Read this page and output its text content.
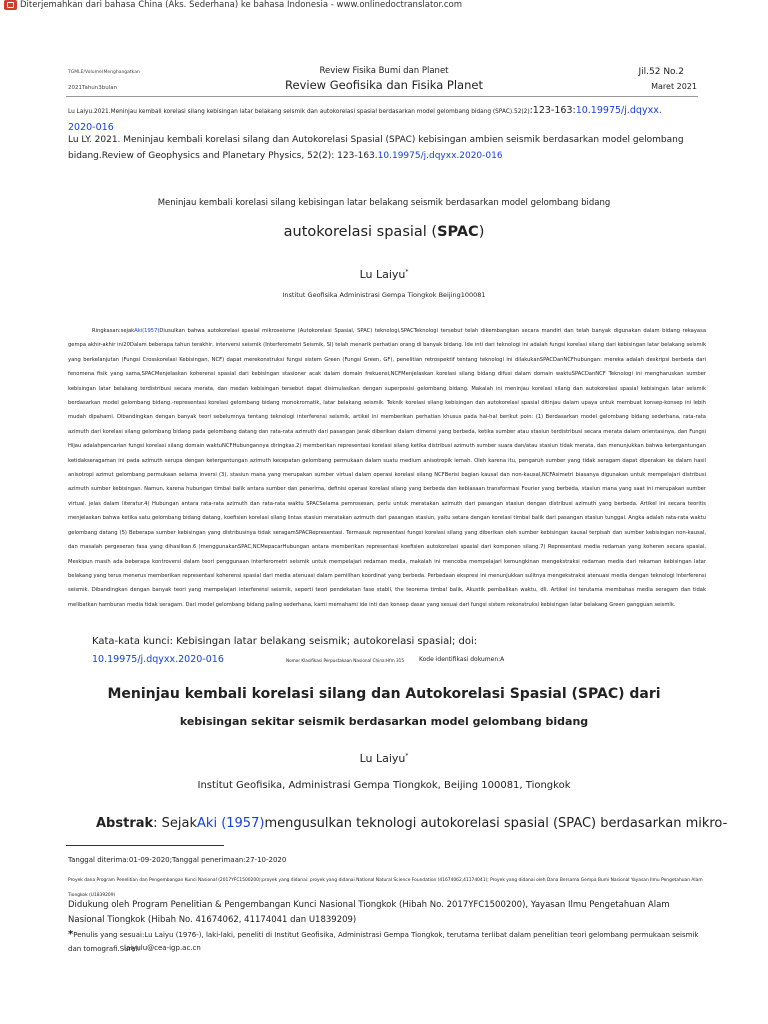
Diterjemahkan dari bahasa China (Aks. Sederhana) ke bahasa Indonesia - www.onlinedoctranslator.com
TGMLE/Volume(Menghangatkan
2021Tahun3bulan
Review Fisika Bumi dan Planet
Review Geofisika dan Fisika Planet
Jil.52 No.2
Maret 2021
Lu Laiyu.2021.Meninjau kembali korelasi silang kebisingan latar belakang seismik dan autokorelasi spasial berdasarkan model gelombang bidang (SPAC).52(2):123-163:10.19975/j.dqyxx.
2020-016
Lu LY. 2021. Meninjau kembali korelasi silang dan Autokorelasi Spasial (SPAC) kebisingan ambien seismik berdasarkan model gelombang bidang.Review of Geophysics and Planetary Physics, 52(2): 123-163.10.19975/j.dqyxx.2020-016
Meninjau kembali korelasi silang kebisingan latar belakang seismik berdasarkan model gelombang bidang
autokorelasi spasial (SPAC)
Lu Laiyu*
Institut Geofisika Administrasi Gempa Tiongkok Beijing100081
Ringkasan:sejakAki(1957)Diusulkan bahwa autokorelasi spasial mikroseisme (Autokorelasi Spasial, SPAC) teknologi,SPACTeknologi tersebut telah dikembangkan secara mandiri dan telah banyak digunakan dalam bidang rekayasa gempa akhir-akhir ini20Dalam beberapa tahun terakhir, interversi seismik (Interferometri Seismik, SI) telah menarik perhatian orang di banyak bidang. Ide inti dari teknologi ini adalah fungsi korelasi silang dari kebisingan latar belakang seismik yang berkelanjutan (Fungsi Crosskorelasi Kebisingan, NCF) dapat merekonstruksi fungsi sistem Green (Fungsi Green, GF), penelitian retrospektif tentang teknologi ini dilakukanSPACDanNCFhubungan: mereka adalah deskripsi berbeda dari fenomena fisik yang sama,SPACMenjelaskan koherensi spasial dari kebisingan stasioner acak dalam domain frekuensi,NCFMenjelaskan korelasi silang bidang difusi dalam domain waktuSPACDanNCF Teknologi ini mengharuskan sumber kebisingan latar belakang terdistribusi secara merata, dan medan kebisingan tersebut dapat disimulasikan dengan superposisi gelombang bidang. Makalah ini meninjau korelasi silang dan autokorelasi spasial kebisingan latar seismik berdasarkan model gelombang bidang.-representasi korelasi gelombang bidang monokromatik, latar belakang seismik. Teknik korelasi silang kebisingan dan autokorelasi spasial ditinjau dalam upaya untuk membuat konsep-konsep ini lebih mudah dipahami. Dibandingkan dengan banyak teori sebelumnya tentang teknologi interferensi seismik, artikel ini memberikan perhatian khusus pada hal-hal berikut poin: (1) Berdasarkan model gelombang bidang sederhana, rata-rata azimuth dari korelasi silang gelombang bidang pada gelombang datang dan rata-rata azimuth dari pasangan jarak diberikan dalam dimensi yang berbeda, ketika sumber atau stasiun terdistribusi secara merata dalam orientasinya, dan Fungsi Hijau adalahpencarian fungsi korelasi silang domain waktuNCFHubungannya diringkas.2) memberikan representasi korelasi silang ketika distribusi azimuth sumber suara dan/atau stasiun tidak merata, dan menunjukkan bahwa ketergantungan ketidakseragaman ini pada azimuth serupa dengan ketergantungan azimuth kecepatan gelombang permukaan dalam suatu medium anisotropik lemah. Oleh karena itu, pengaruh sumber yang tidak seragam dapat diperakan ke dalam hasil anisotropi azimut gelombang permukaan selama inversi (3), stasiun mana yang merupakan sumber virtual dalam operasi korelasi silang NCFBerisi bagian kausal dan non-kausal,NCFAsimetri biasanya digunakan untuk mempelajari distribusi azimuth sumber kebisingan. Namun, karena hubungan timbal balik antara sumber dan penerima, definisi operasi korelasi silang yang berbeda dan kebiasaan transformasi Fourier yang berbeda, stasiun mana yang saat ini merupakan sumber virtual. jelas dalam literatur.4) Hubungan antara rata-rata azimuth dan rata-rata waktu SPACSelama pemrosesan, perlu untuk meratakan azimuth dari pasangan stasiun dengan distribusi azimuth yang berbeda. Artikel ini secara teoritis menjelaskan bahwa ketika satu gelombang bidang datang, koefisien korelasi silang lintas stasiun meratakan azimuth dari pasangan stasiun, yaitu setara dengan korelasi timbal balik dari pasangan stasiun tunggal. Angka adalah rata-rata waktu gelombang datang (5) Beberapa sumber kebisingan yang distribusinya tidak seragamSPACRepresentasi. Termasuk representasi fungsi korelasi silang yang diberikan oleh sumber kebisingan kausal terpisah dan sumber kebisingan non-kausal, dan masalah pergeseran fasa yang dihasilkan.6 )menggunakanSPAC,NCMepacarHubungan antara memberikan representasi koefisien autokorelasi spasial dari komponen silang.7) Representasi media redaman yang koheren secara spasial. Meskipun masih ada beberapa kontroversi dalam teori penggunaan interferometri seismik untuk mempelajari redaman media, makalah ini mencoba mempelajari kemungkinan mengekstraksi redaman media dari rekaman kebisingan latar belakang yang terus menerus memberikan representasi koherensi spasial dari media atenuasi dalam pemilihan koordinat yang berbeda. Perbedaan ekspresi ini menunjukkan sulitnya mengekstraksi atenuasi media dengan teknologi interferensi seismik. Dibandingkan dengan banyak teori yang mempelajari interferensi seismik, seperti teori pendekatan fase stabil, the teorema timbal balik, Akustik pembalikan waktu, dll. Artikel ini terutama membahas media seragam dan tidak melibatkan hamburan media tidak seragam. Dari model gelombang bidang paling sederhana, kami memahami ide inti dan konsep dasar yang sesuai dari fungsi sistem rekonstruksi kebisingan latar belakang Green gangguan seismik.
Kata-kata kunci: Kebisingan latar belakang seismik; autokorelasi spasial; doi:
10.19975/j.dqyxx.2020-016	Nomor Klasifikasi Perpustakaan Nasional China:Hfm 315 Kode identifikasi dokumen:A
Meninjau kembali korelasi silang dan Autokorelasi Spasial (SPAC) dari
kebisingan sekitar seismik berdasarkan model gelombang bidang
Lu Laiyu*
Institut Geofisika, Administrasi Gempa Tiongkok, Beijing 100081, Tiongkok
Abstrak: SejakAki (1957)mengusulkan teknologi autokorelasi spasial (SPAC) berdasarkan mikro-
Tanggal diterima:01-09-2020;Tanggal penerimaan:27-10-2020
Proyek dana Program Penelitian dan Pengembangan Kunci Nasional (2017YFC1500200);proyek yang didanai: proyek yang didanai National Natural Science Foundation (41674062,41174041); Proyek yang didanai oleh Dana Bersama Gempa Bumi Nasional Yayasan Ilmu Pengetahuan Alam Tiongkok (U1839209)
Didukung oleh Program Penelitian & Pengembangan Kunci Nasional Tiongkok (Hibah No. 2017YFC1500200), Yayasan Ilmu Pengetahuan Alam Nasional Tiongkok (Hibah No. 41674062, 41174041 dan U1839209)
*Penulis yang sesuai:Lu Laiyu (1976-), laki-laki, peneliti di Institut Geofisika, Administrasi Gempa Tiongkok, terutama terlibat dalam penelitian teori gelombang permukaan seismik dan tomografi.Surel:
laiyulu@cea-igp.ac.cn
